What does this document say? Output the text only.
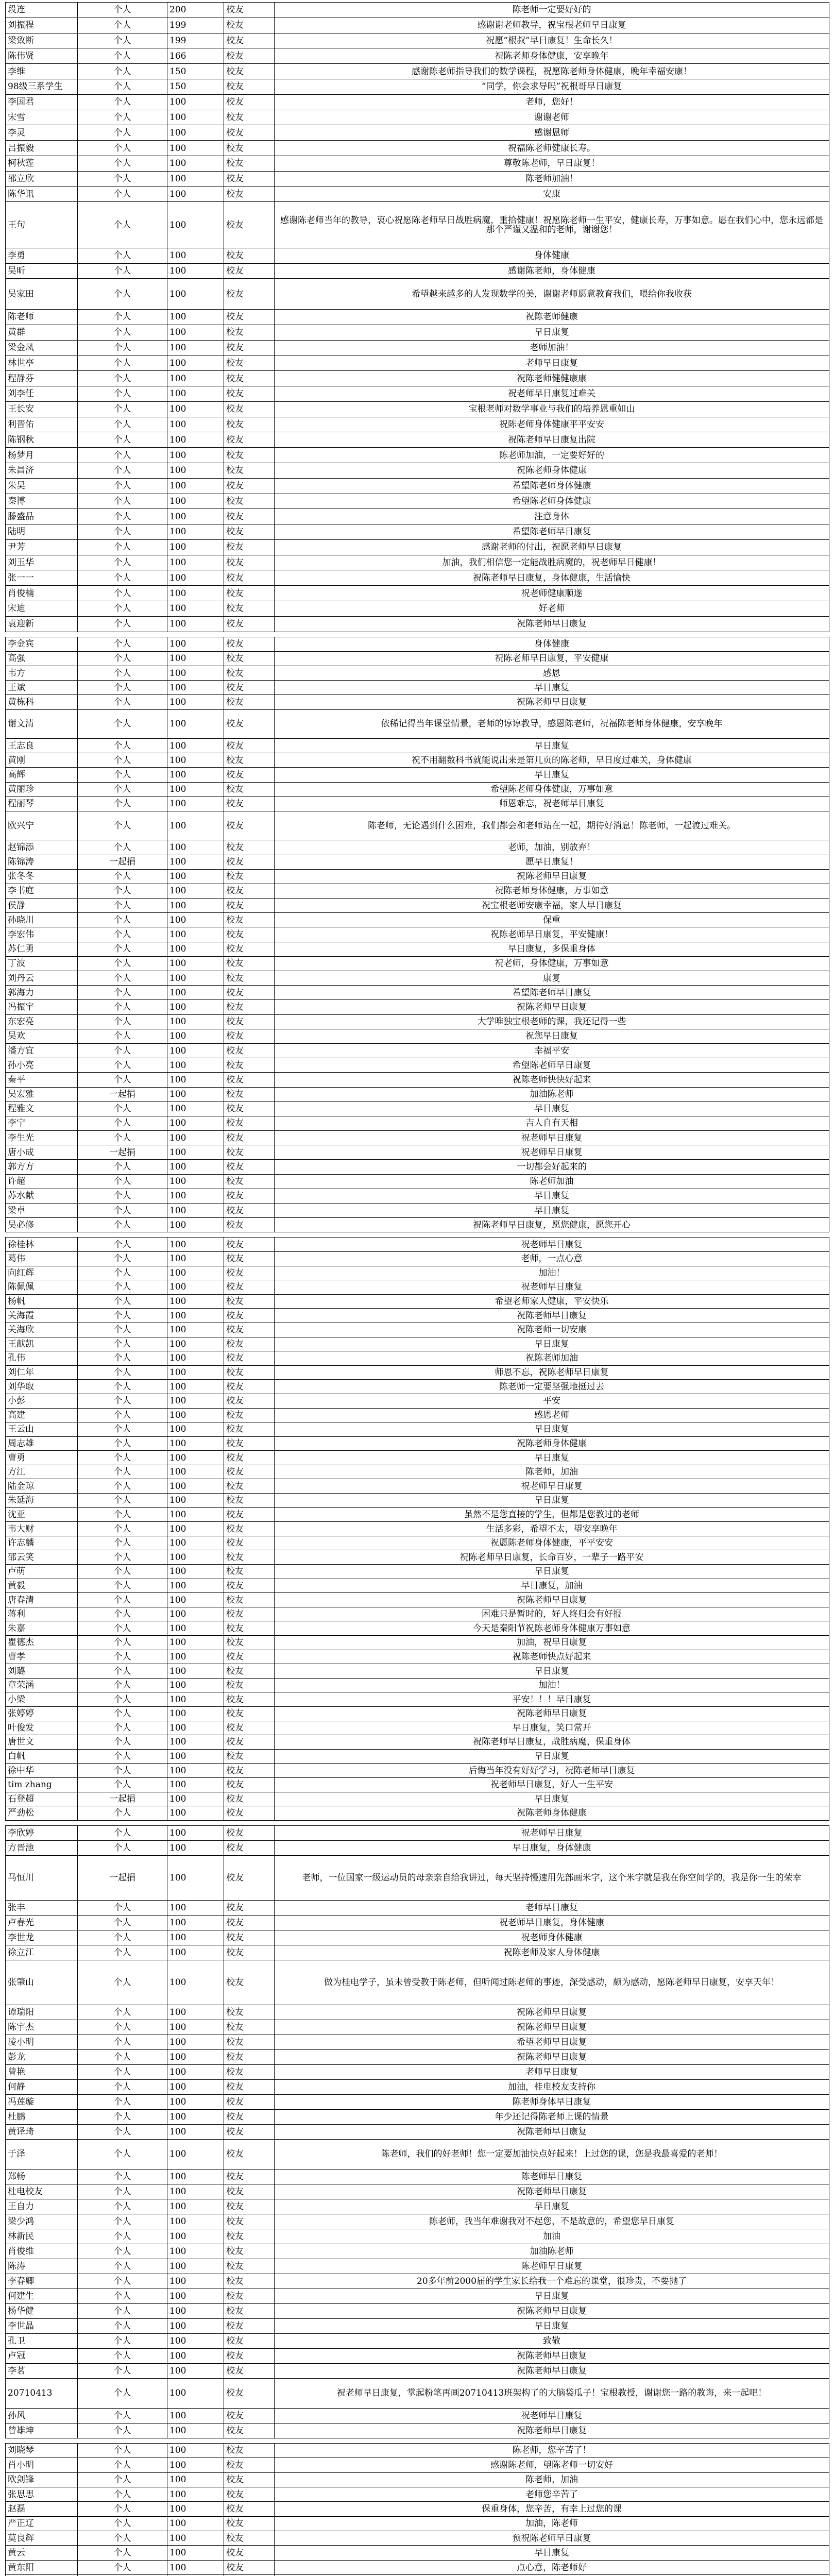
段连	个人	200	校友	陈老师一定要好好的
刘振程	个人	199	校友	感谢谢老师教导，祝宝根老师早日康复
梁致断	个人	199	校友	祝愿“根叔”早日康复！生命长久！
陈伟贤	个人	166	校友	祝陈老师身体健康，安享晚年
李维	个人	150	校友	感谢陈老师指导我们的数学课程，祝愿陈老师身体健康，晚年幸福安康！
98级三系学生	个人	150	校友	“同学，你会求导吗”祝根哥早日康复
李国君	个人	100	校友	老师，您好！
宋雪	个人	100	校友	谢谢老师
李灵	个人	100	校友	感谢恩师
吕振毅	个人	100	校友	祝福陈老师健康长寿。
柯秋莲	个人	100	校友	尊敬陈老师，早日康复！
邵立欣	个人	100	校友	陈老师加油！
陈华讯	个人	100	校友	安康
王句	个人	100	校友	感谢陈老师当年的教导，衷心祝愿陈老师早日战胜病魔，重拾健康！祝愿陈老师一生平安，健康长寿，万事如意。愿在我们心中，您永远都是那个严谨又温和的老师，谢谢您！
李勇	个人	100	校友	身体健康
吴昕	个人	100	校友	感谢陈老师，身体健康
吴家田	个人	100	校友	希望越来越多的人发现数学的美，谢谢老师愿意教育我们，喂给你我收获
陈老师	个人	100	校友	祝陈老师健康
黄群	个人	100	校友	早日康复
梁金凤	个人	100	校友	老师加油！
林世亭	个人	100	校友	老师早日康复
程静芬	个人	100	校友	祝陈老师健健康康
刘李任	个人	100	校友	祝老师早日康复过难关
王长安	个人	100	校友	宝根老师对数学事业与我们的培养恩重如山
利晋佑	个人	100	校友	祝陈老师身体健康平平安安
陈钢秋	个人	100	校友	祝陈老师早日康复出院
杨梦月	个人	100	校友	陈老师加油，一定要好好的
朱昌济	个人	100	校友	祝陈老师身体健康
朱昊	个人	100	校友	希望陈老师身体健康
秦博	个人	100	校友	希望陈老师身体健康
滕盛品	个人	100	校友	注意身体
陆明	个人	100	校友	希望陈老师早日康复
尹芳	个人	100	校友	感谢老师的付出，祝愿老师早日康复
刘玉华	个人	100	校友	加油，我们相信您一定能战胜病魔的，祝老师早日健康！
张一一	个人	100	校友	祝陈老师早日康复，身体健康，生活愉快
肖俊楠	个人	100	校友	祝老师健康顺遂
宋迪	个人	100	校友	好老师
袁迎新	个人	100	校友	祝陈老师早日康复
李金宾	个人	100	校友	身体健康
高强	个人	100	校友	祝陈老师早日康复，平安健康
韦方	个人	100	校友	感恩
王斌	个人	100	校友	早日康复
黄栋科	个人	100	校友	祝陈老师早日康复
谢文清	个人	100	校友	依稀记得当年课堂情景，老师的谆谆教导，感恩陈老师，祝福陈老师身体健康，安享晚年
王志良	个人	100	校友	早日康复
黄刚	个人	100	校友	祝不用翻数科书就能说出来是第几页的陈老师，早日度过难关，身体健康
高辉	个人	100	校友	早日康复
黄丽珍	个人	100	校友	希望陈老师身体健康，万事如意
程丽琴	个人	100	校友	师恩难忘，祝老师早日康复
欧兴宁	个人	100	校友	陈老师，无论遇到什么困难，我们都会和老师站在一起，期待好消息！陈老师，一起渡过难关。
赵锦添	个人	100	校友	老师，加油，别放弃！
陈锦涛	一起捐	100	校友	愿早日康复！
张冬冬	个人	100	校友	祝陈老师早日康复
李书庭	个人	100	校友	祝陈老师身体健康，万事如意
侯静	个人	100	校友	祝宝根老师安康幸福，家人早日康复
孙晓川	个人	100	校友	保重
李宏伟	个人	100	校友	祝陈老师早日康复，平安健康！
苏仁勇	个人	100	校友	早日康复，多保重身体
丁波	个人	100	校友	祝老师，身体健康，万事如意
刘丹云	个人	100	校友	康复
郭海力	个人	100	校友	希望陈老师早日康复
冯振宇	个人	100	校友	祝陈老师早日康复
东宏亮	个人	100	校友	大学唯独宝根老师的课，我还记得一些
吴欢	个人	100	校友	祝您早日康复
潘方宜	个人	100	校友	幸福平安
孙小亮	个人	100	校友	希望陈老师早日康复
秦平	个人	100	校友	祝陈老师快快好起来
吴宏雅	一起捐	100	校友	加油陈老师
程雅文	个人	100	校友	早日康复
李宁	个人	100	校友	吉人自有天相
李生光	个人	100	校友	祝老师早日康复
唐小成	一起捐	100	校友	祝老师早日康复
郭方方	个人	100	校友	一切都会好起来的
许超	个人	100	校友	陈老师加油
苏水献	个人	100	校友	早日康复
梁卓	个人	100	校友	早日康复
吴必修	个人	100	校友	祝陈老师早日康复，愿您健康，愿您开心
徐桂林	个人	100	校友	祝老师早日康复
葛伟	个人	100	校友	老师，一点心意
向红辉	个人	100	校友	加油！
陈佩佩	个人	100	校友	祝老师早日康复
杨帆	个人	100	校友	希望老师家人健康，平安快乐
关海霞	个人	100	校友	祝陈老师早日康复
关海欣	个人	100	校友	祝陈老师一切安康
王献凯	个人	100	校友	早日康复
孔伟	个人	100	校友	祝陈老师加油
刘仁年	个人	100	校友	师恩不忘，祝陈老师早日康复
刘华取	个人	100	校友	陈老师一定要坚强地挺过去
小彭	个人	100	校友	平安
高建	个人	100	校友	感恩老师
王云山	个人	100	校友	早日康复
周志雄	个人	100	校友	祝陈老师身体健康
曹勇	个人	100	校友	早日康复
方江	个人	100	校友	陈老师，加油
陆金琼	个人	100	校友	祝老师早日康复
朱延海	个人	100	校友	早日康复
沈亚	个人	100	校友	虽然不是您直接的学生，但都是您教过的老师
韦大财	个人	100	校友	生活多彩，希望不太，望安享晚年
许志麟	个人	100	校友	祝愿陈老师身体健康，平平安安
邵云笑	个人	100	校友	祝陈老师早日康复，长命百岁，一辈子一路平安
卢萌	个人	100	校友	早日康复
黄毅	个人	100	校友	早日康复，加油
唐春清	个人	100	校友	祝陈老师早日康复
蒋利	个人	100	校友	困难只是暂时的，好人终归会有好报
朱嘉	个人	100	校友	今天是秦阳节祝陈老师身体健康万事如意
瞿德杰	个人	100	校友	加油，祝早日康复
曹孝	个人	100	校友	祝陈老师快点好起来
刘璐	个人	100	校友	早日康复
章荣涵	个人	100	校友	加油！
小梁	个人	100	校友	平安！！！早日康复
张婷婷	个人	100	校友	祝陈老师早日康复
叶俊发	个人	100	校友	早日康复，笑口常开
唐世文	个人	100	校友	祝陈老师早日康复，战胜病魔，保重身体
白帆	个人	100	校友	早日康复
徐中华	个人	100	校友	后悔当年没有好好学习，祝陈老师早日康复
tim zhang	个人	100	校友	祝老师早日康复，好人一生平安
石登超	一起捐	100	校友	早日康复
严劲松	个人	100	校友	祝陈老师身体健康
李欣婷	个人	100	校友	祝老师早日康复
方晋池	个人	100	校友	早日康复，身体健康
马恒川	一起捐	100	校友	老师，一位国家一级运动员的母亲亲自给我讲过，每天坚持慢速用先部画米字，这个米字就是我在你空间学的，我是你一生的荣幸
张丰	个人	100	校友	老师早日康复
卢春光	个人	100	校友	祝老师早日康复，身体健康
李世龙	个人	100	校友	祝老师身体健康
徐立江	个人	100	校友	祝陈老师及家人身体健康
张肇山	个人	100	校友	做为桂电学子，虽未曾受教于陈老师，但听闻过陈老师的事迹，深受感动，颇为感动，愿陈老师早日康复，安享天年！
谭瑞阳	个人	100	校友	祝陈老师早日康复
陈宇杰	个人	100	校友	祝陈老师早日康复
凌小明	个人	100	校友	希望老师早日康复
彭龙	个人	100	校友	祝陈老师早日康复
曾艳	个人	100	校友	老师早日康复
何静	个人	100	校友	加油，桂电校友支持你
冯莲璇	个人	100	校友	陈老师身体早日康复
杜鹏	个人	100	校友	年少还记得陈老师上课的情景
黄译琦	个人	100	校友	祝陈老师早日康复
于泽	个人	100	校友	陈老师，我们的好老师！您一定要加油快点好起来！上过您的课，您是我最喜爱的老师！
郑畅	个人	100	校友	陈老师早日康复
杜电校友	个人	100	校友	祝陈老师早日康复
王自力	个人	100	校友	早日康复
梁少鸿	个人	100	校友	陈老师，我当年难谢我对不起您，不是故意的，希望您早日康复
林新民	个人	100	校友	加油
肖俊维	个人	100	校友	加油陈老师
陈涛	个人	100	校友	陈老师早日康复
李春卿	个人	100	校友	20多年前2000届的学生家长给我一个难忘的课堂，很珍贵，不要抛了
何建生	个人	100	校友	早日康复
杨华健	个人	100	校友	祝陈老师早日康复
李世晶	个人	100	校友	早日康复
孔卫	个人	100	校友	致敬
卢冠	个人	100	校友	祝陈老师早日康复
李茗	个人	100	校友	祝陈老师早日康复
20710413	个人	100	校友	祝老师早日康复，掌起粉笔再画20710413班架构了的大脑袋瓜子！宝根教授，谢谢您一路的教诲，来一起吧！
孙风	个人	100	校友	祝老师早日康复
曾雄坤	个人	100	校友	祝陈老师早日康复
刘晓琴	个人	100	校友	陈老师，您辛苦了！
肖小明	个人	100	校友	感谢陈老师，望陈老师一切安好
欧剑锋	个人	100	校友	陈老师，加油
张思思	个人	100	校友	老师您辛苦了
赵磊	个人	100	校友	保重身体，您辛苦，有幸上过您的课
严正辽	个人	100	校友	加油，陈老师
莫良辉	个人	100	校友	预祝陈老师早日康复
黄云	个人	100	校友	早日康复
黄东阳	个人	100	校友	点心意，陈老师好
